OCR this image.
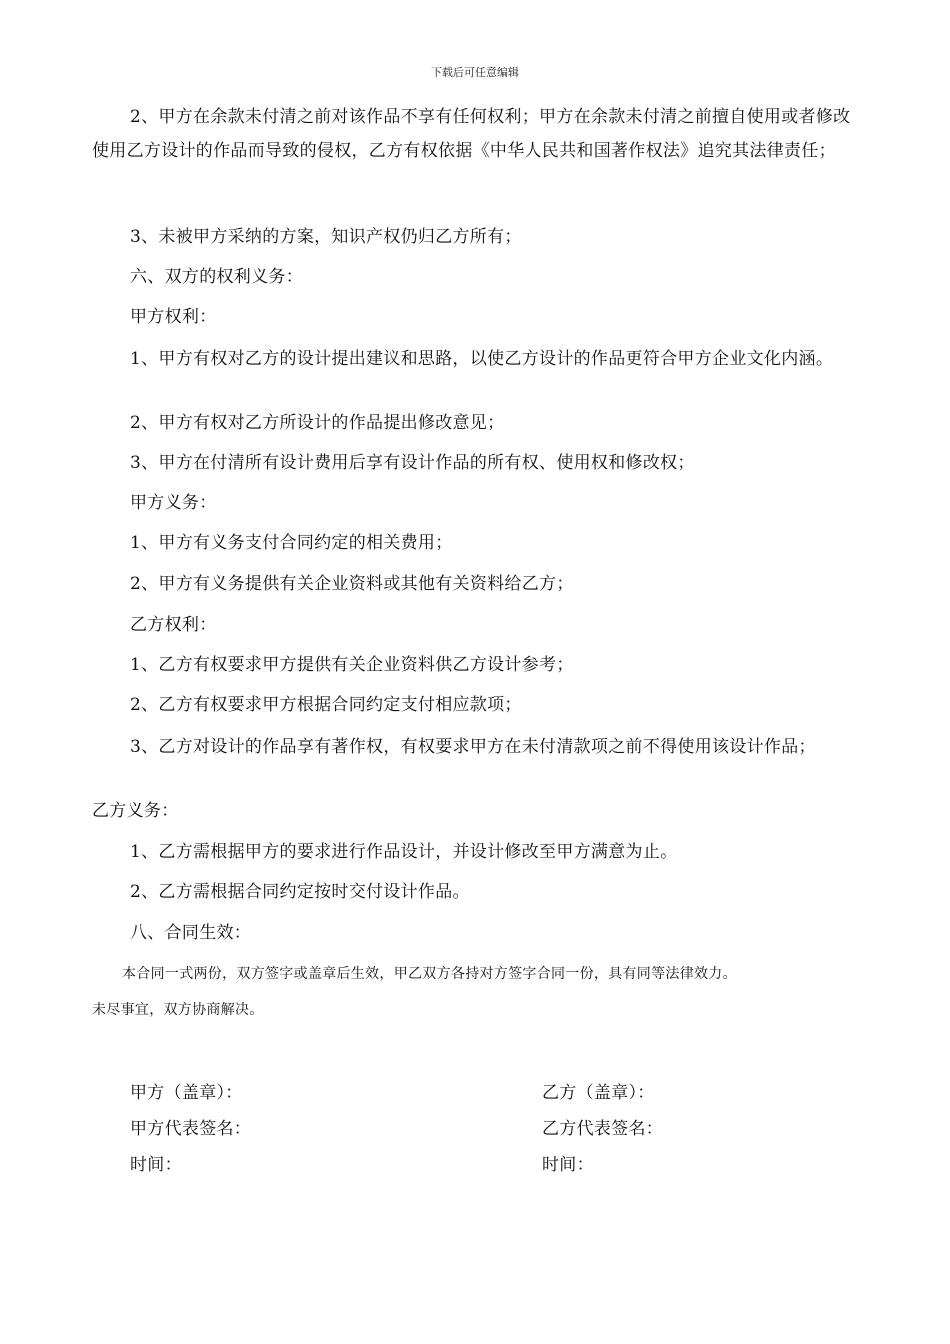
下载后可任意编辑
2、甲方在余款未付清之前对该作品不享有任何权利；甲方在余款未付清之前擅自使用或者修改使用乙方设计的作品而导致的侵权，乙方有权依据《中华人民共和国著作权法》追究其法律责任；
3、未被甲方采纳的方案，知识产权仍归乙方所有；
六、双方的权利义务：
甲方权利：
1、甲方有权对乙方的设计提出建议和思路，以使乙方设计的作品更符合甲方企业文化内涵。
2、甲方有权对乙方所设计的作品提出修改意见；
3、甲方在付清所有设计费用后享有设计作品的所有权、使用权和修改权；
甲方义务：
1、甲方有义务支付合同约定的相关费用；
2、甲方有义务提供有关企业资料或其他有关资料给乙方；
乙方权利：
1、乙方有权要求甲方提供有关企业资料供乙方设计参考；
2、乙方有权要求甲方根据合同约定支付相应款项；
3、乙方对设计的作品享有著作权，有权要求甲方在未付清款项之前不得使用该设计作品；
乙方义务：
1、乙方需根据甲方的要求进行作品设计，并设计修改至甲方满意为止。
2、乙方需根据合同约定按时交付设计作品。
八、合同生效：
本合同一式两份，双方签字或盖章后生效，甲乙双方各持对方签字合同一份，具有同等法律效力。
未尽事宜，双方协商解决。
甲方（盖章）：
甲方代表签名：
时间：
乙方（盖章）：
乙方代表签名：
时间：
